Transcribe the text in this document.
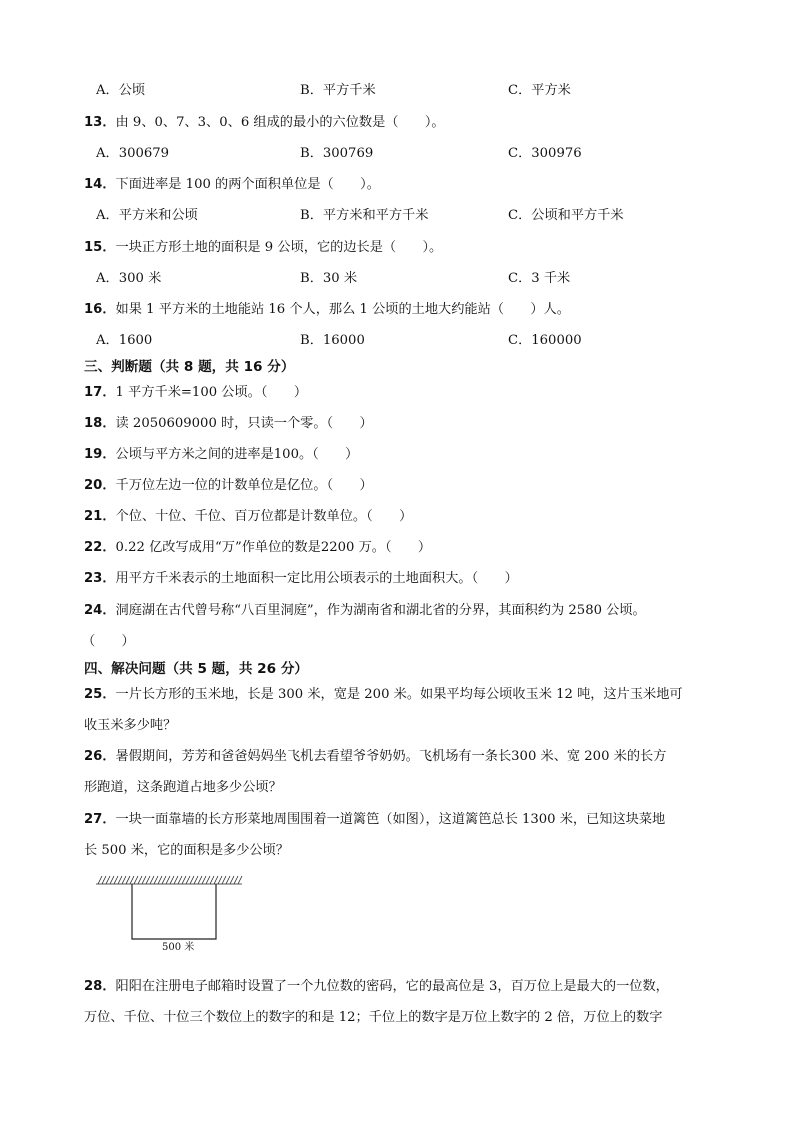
A．公顷	B．平方千米	C．平方米
13．由 9、0、7、3、0、6 组成的最小的六位数是（　　）。
A．300679	B．300769	C．300976
14．下面进率是 100 的两个面积单位是（　　）。
A．平方米和公顷	B．平方米和平方千米	C．公顷和平方千米
15．一块正方形土地的面积是 9 公顷，它的边长是（　　）。
A．300 米	B．30 米	C．3 千米
16．如果 1 平方米的土地能站 16 个人，那么 1 公顷的土地大约能站（　　）人。
A．1600	B．16000	C．160000
三、判断题（共 8 题，共 16 分）
17．1 平方千米=100 公顷。（　　）
18．读 2050609000 时，只读一个零。（　　）
19．公顷与平方米之间的进率是100。（　　）
20．千万位左边一位的计数单位是亿位。（　　）
21．个位、十位、千位、百万位都是计数单位。（　　）
22．0.22 亿改写成用“万”作单位的数是2200 万。（　　）
23．用平方千米表示的土地面积一定比用公顷表示的土地面积大。（　　）
24．洞庭湖在古代曾号称“八百里洞庭”，作为湖南省和湖北省的分界，其面积约为 2580 公顷。
（　　）
四、解决问题（共 5 题，共 26 分）
25．一片长方形的玉米地，长是 300 米，宽是 200 米。如果平均每公顷收玉米 12 吨，这片玉米地可
收玉米多少吨？
26．暑假期间，芳芳和爸爸妈妈坐飞机去看望爷爷奶奶。飞机场有一条长300 米、宽 200 米的长方
形跑道，这条跑道占地多少公顷？
27．一块一面靠墙的长方形菜地周围围着一道篱笆（如图），这道篱笆总长 1300 米，已知这块菜地
长 500 米，它的面积是多少公顷？
500 米
28．阳阳在注册电子邮箱时设置了一个九位数的密码，它的最高位是 3，百万位上是最大的一位数，
万位、千位、十位三个数位上的数字的和是 12；千位上的数字是万位上数字的 2 倍，万位上的数字
